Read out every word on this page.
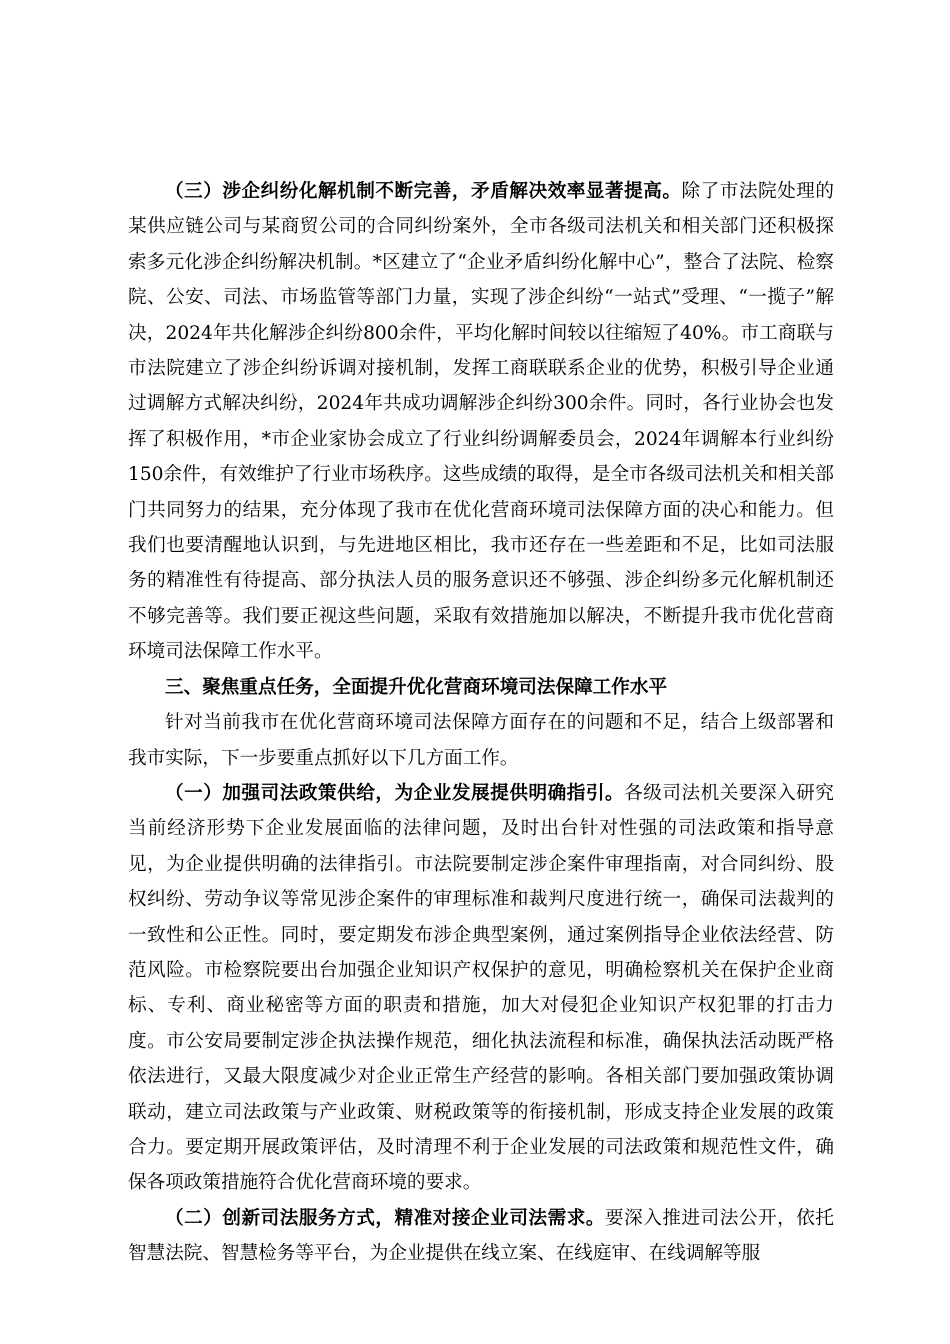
（三）涉企纠纷化解机制不断完善，矛盾解决效率显著提高。除了市法院处理的某供应链公司与某商贸公司的合同纠纷案外，全市各级司法机关和相关部门还积极探索多元化涉企纠纷解决机制。*区建立了“企业矛盾纠纷化解中心”，整合了法院、检察院、公安、司法、市场监管等部门力量，实现了涉企纠纷“一站式”受理、“一揽子”解决，2024年共化解涉企纠纷800余件，平均化解时间较以往缩短了40%。市工商联与市法院建立了涉企纠纷诉调对接机制，发挥工商联联系企业的优势，积极引导企业通过调解方式解决纠纷，2024年共成功调解涉企纠纷300余件。同时，各行业协会也发挥了积极作用，*市企业家协会成立了行业纠纷调解委员会，2024年调解本行业纠纷150余件，有效维护了行业市场秩序。这些成绩的取得，是全市各级司法机关和相关部门共同努力的结果，充分体现了我市在优化营商环境司法保障方面的决心和能力。但我们也要清醒地认识到，与先进地区相比，我市还存在一些差距和不足，比如司法服务的精准性有待提高、部分执法人员的服务意识还不够强、涉企纠纷多元化解机制还不够完善等。我们要正视这些问题，采取有效措施加以解决，不断提升我市优化营商环境司法保障工作水平。

三、聚焦重点任务，全面提升优化营商环境司法保障工作水平

针对当前我市在优化营商环境司法保障方面存在的问题和不足，结合上级部署和我市实际，下一步要重点抓好以下几方面工作。

（一）加强司法政策供给，为企业发展提供明确指引。各级司法机关要深入研究当前经济形势下企业发展面临的法律问题，及时出台针对性强的司法政策和指导意见，为企业提供明确的法律指引。市法院要制定涉企案件审理指南，对合同纠纷、股权纠纷、劳动争议等常见涉企案件的审理标准和裁判尺度进行统一，确保司法裁判的一致性和公正性。同时，要定期发布涉企典型案例，通过案例指导企业依法经营、防范风险。市检察院要出台加强企业知识产权保护的意见，明确检察机关在保护企业商标、专利、商业秘密等方面的职责和措施，加大对侵犯企业知识产权犯罪的打击力度。市公安局要制定涉企执法操作规范，细化执法流程和标准，确保执法活动既严格依法进行，又最大限度减少对企业正常生产经营的影响。各相关部门要加强政策协调联动，建立司法政策与产业政策、财税政策等的衔接机制，形成支持企业发展的政策合力。要定期开展政策评估，及时清理不利于企业发展的司法政策和规范性文件，确保各项政策措施符合优化营商环境的要求。

（二）创新司法服务方式，精准对接企业司法需求。要深入推进司法公开，依托智慧法院、智慧检务等平台，为企业提供在线立案、在线庭审、在线调解等服
